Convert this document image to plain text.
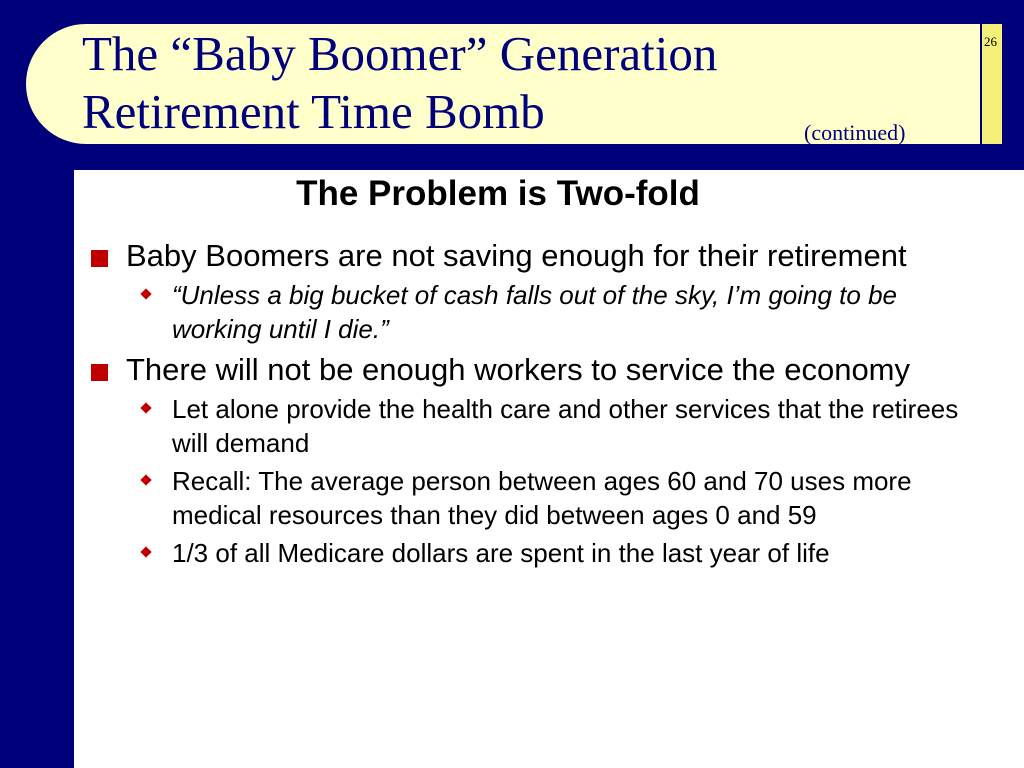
The “Baby Boomer” Generation
Retirement Time Bomb	(continued)
26
The Problem is Two-fold
Baby Boomers are not saving enough for their retirement
“Unless a big bucket of cash falls out of the sky, I’m going to be working until I die.”
There will not be enough workers to service the economy
Let alone provide the health care and other services that the retirees will demand
Recall: The average person between ages 60 and 70 uses more medical resources than they did between ages 0 and 59
1/3 of all Medicare dollars are spent in the last year of life
